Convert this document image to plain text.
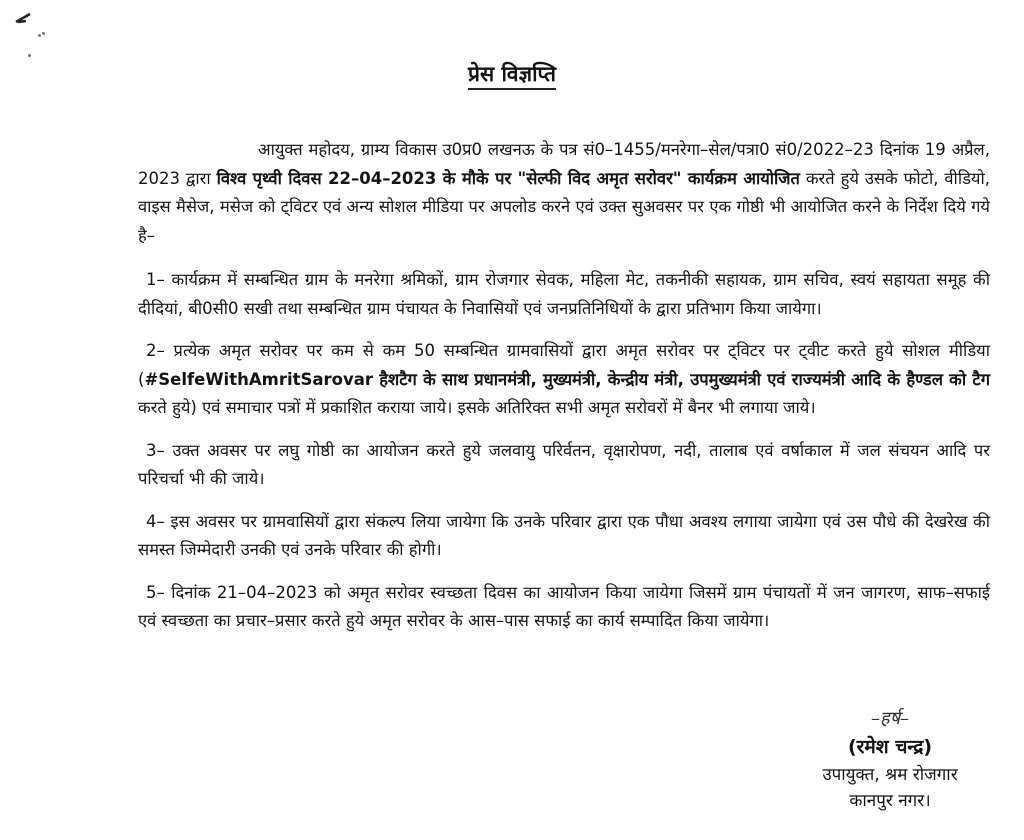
प्रेस विज्ञप्ति

आयुक्त महोदय, ग्राम्य विकास उ0प्र0 लखनऊ के पत्र सं0–1455/मनरेगा–सेल/पत्रा0 सं0/2022–23 दिनांक 19 अप्रैल, 2023 द्वारा विश्व पृथ्वी दिवस 22–04–2023 के मौके पर "सेल्फी विद अमृत सरोवर" कार्यक्रम आयोजित करते हुये उसके फोटो, वीडियो, वाइस मैसेज, मसेज को ट्विटर एवं अन्य सोशल मीडिया पर अपलोड करने एवं उक्त सुअवसर पर एक गोष्ठी भी आयोजित करने के निर्देश दिये गये है–

1– कार्यक्रम में सम्बन्धित ग्राम के मनरेगा श्रमिकों, ग्राम रोजगार सेवक, महिला मेट, तकनीकी सहायक, ग्राम सचिव, स्वयं सहायता समूह की दीदियां, बी0सी0 सखी तथा सम्बन्धित ग्राम पंचायत के निवासियों एवं जनप्रतिनिधियों के द्वारा प्रतिभाग किया जायेगा।

2– प्रत्येक अमृत सरोवर पर कम से कम 50 सम्बन्धित ग्रामवासियों द्वारा अमृत सरोवर पर ट्विटर पर ट्वीट करते हुये सोशल मीडिया (#SelfeWithAmritSarovar हैशटैग के साथ प्रधानमंत्री, मुख्यमंत्री, केन्द्रीय मंत्री, उपमुख्यमंत्री एवं राज्यमंत्री आदि के हैण्डल को टैग करते हुये) एवं समाचार पत्रों में प्रकाशित कराया जाये। इसके अतिरिक्त सभी अमृत सरोवरों में बैनर भी लगाया जाये।

3– उक्त अवसर पर लघु गोष्ठी का आयोजन करते हुये जलवायु परिर्वतन, वृक्षारोपण, नदी, तालाब एवं वर्षाकाल में जल संचयन आदि पर परिचर्चा भी की जाये।

4– इस अवसर पर ग्रामवासियों द्वारा संकल्प लिया जायेगा कि उनके परिवार द्वारा एक पौधा अवश्य लगाया जायेगा एवं उस पौधे की देखरेख की समस्त जिम्मेदारी उनकी एवं उनके परिवार की होगी।

5– दिनांक 21–04–2023 को अमृत सरोवर स्वच्छता दिवस का आयोजन किया जायेगा जिसमें ग्राम पंचायतों में जन जागरण, साफ–सफाई एवं स्वच्छता का प्रचार–प्रसार करते हुये अमृत सरोवर के आस–पास सफाई का कार्य सम्पादित किया जायेगा।

–हर्ष–
(रमेश चन्द्र)
उपायुक्त, श्रम रोजगार
कानपुर नगर।
